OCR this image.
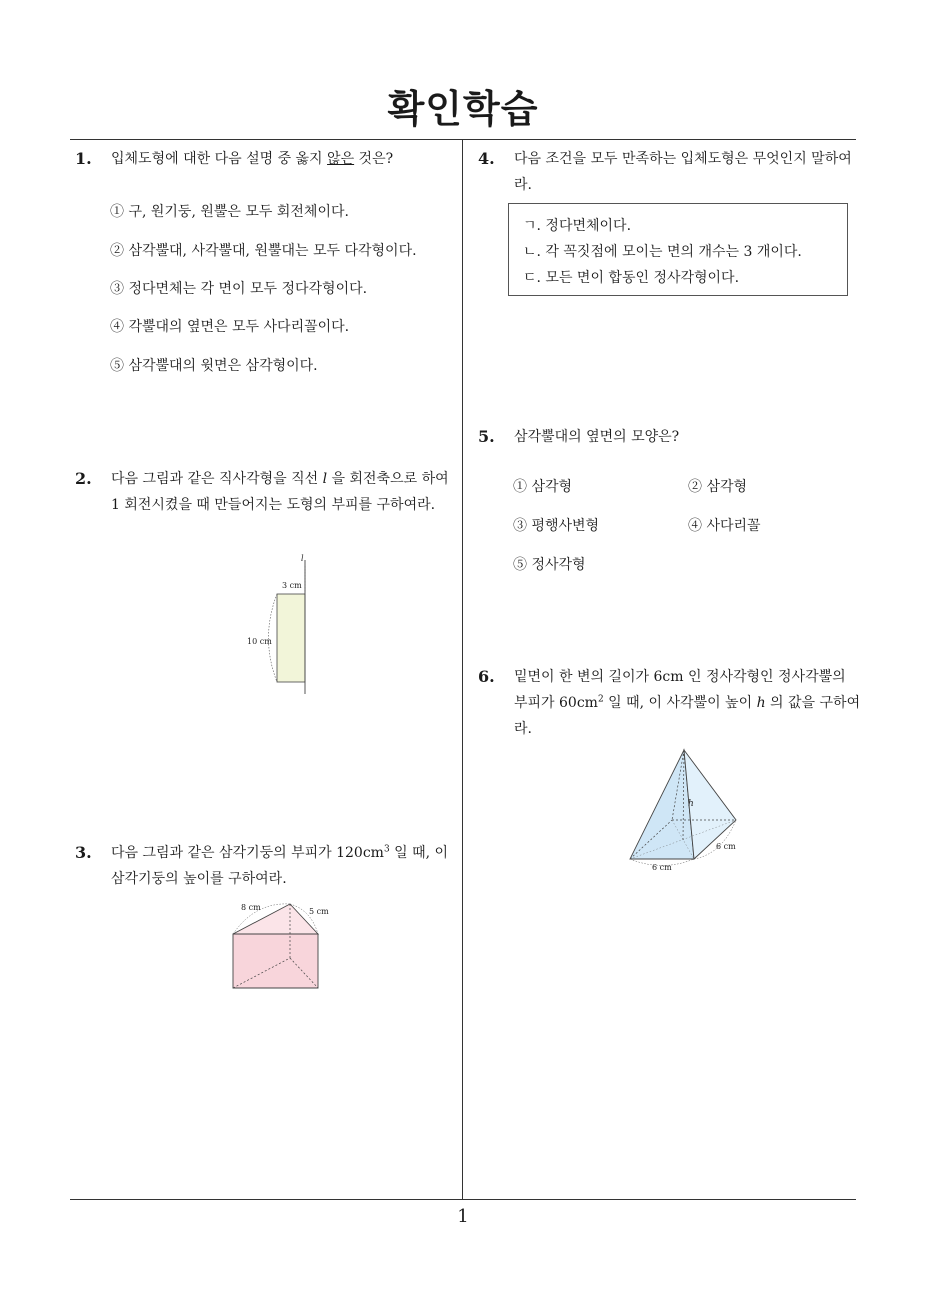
확인학습
1
1. 입체도형에 대한 다음 설명 중 옳지 않은 것은?
① 구, 원기둥, 원뿔은 모두 회전체이다.
② 삼각뿔대, 사각뿔대, 원뿔대는 모두 다각형이다.
③ 정다면체는 각 면이 모두 정다각형이다.
④ 각뿔대의 옆면은 모두 사다리꼴이다.
⑤ 삼각뿔대의 윗면은 삼각형이다.
2. 다음 그림과 같은 직사각형을 직선 l 을 회전축으로 하여 1 회전시켰을 때 만들어지는 도형의 부피를 구하여라.
l
3 cm
10 cm
3. 다음 그림과 같은 삼각기둥의 부피가 $120cm^3$ 일 때, 이 삼각기둥의 높이를 구하여라.
8 cm	5 cm
4. 다음 조건을 모두 만족하는 입체도형은 무엇인지 말하여라.
ㄱ. 정다면체이다.
ㄴ. 각 꼭짓점에 모이는 면의 개수는 3 개이다.
ㄷ. 모든 면이 합동인 정사각형이다.
5. 삼각뿔대의 옆면의 모양은?
① 삼각형	② 삼각형
③ 평행사변형	④ 사다리꼴
⑤ 정사각형
6. 밑면이 한 변의 길이가 6cm 인 정사각형인 정사각뿔의 부피가 $60cm^2$ 일 때, 이 사각뿔이 높이 h 의 값을 구하여라.
h
6 cm
6 cm
